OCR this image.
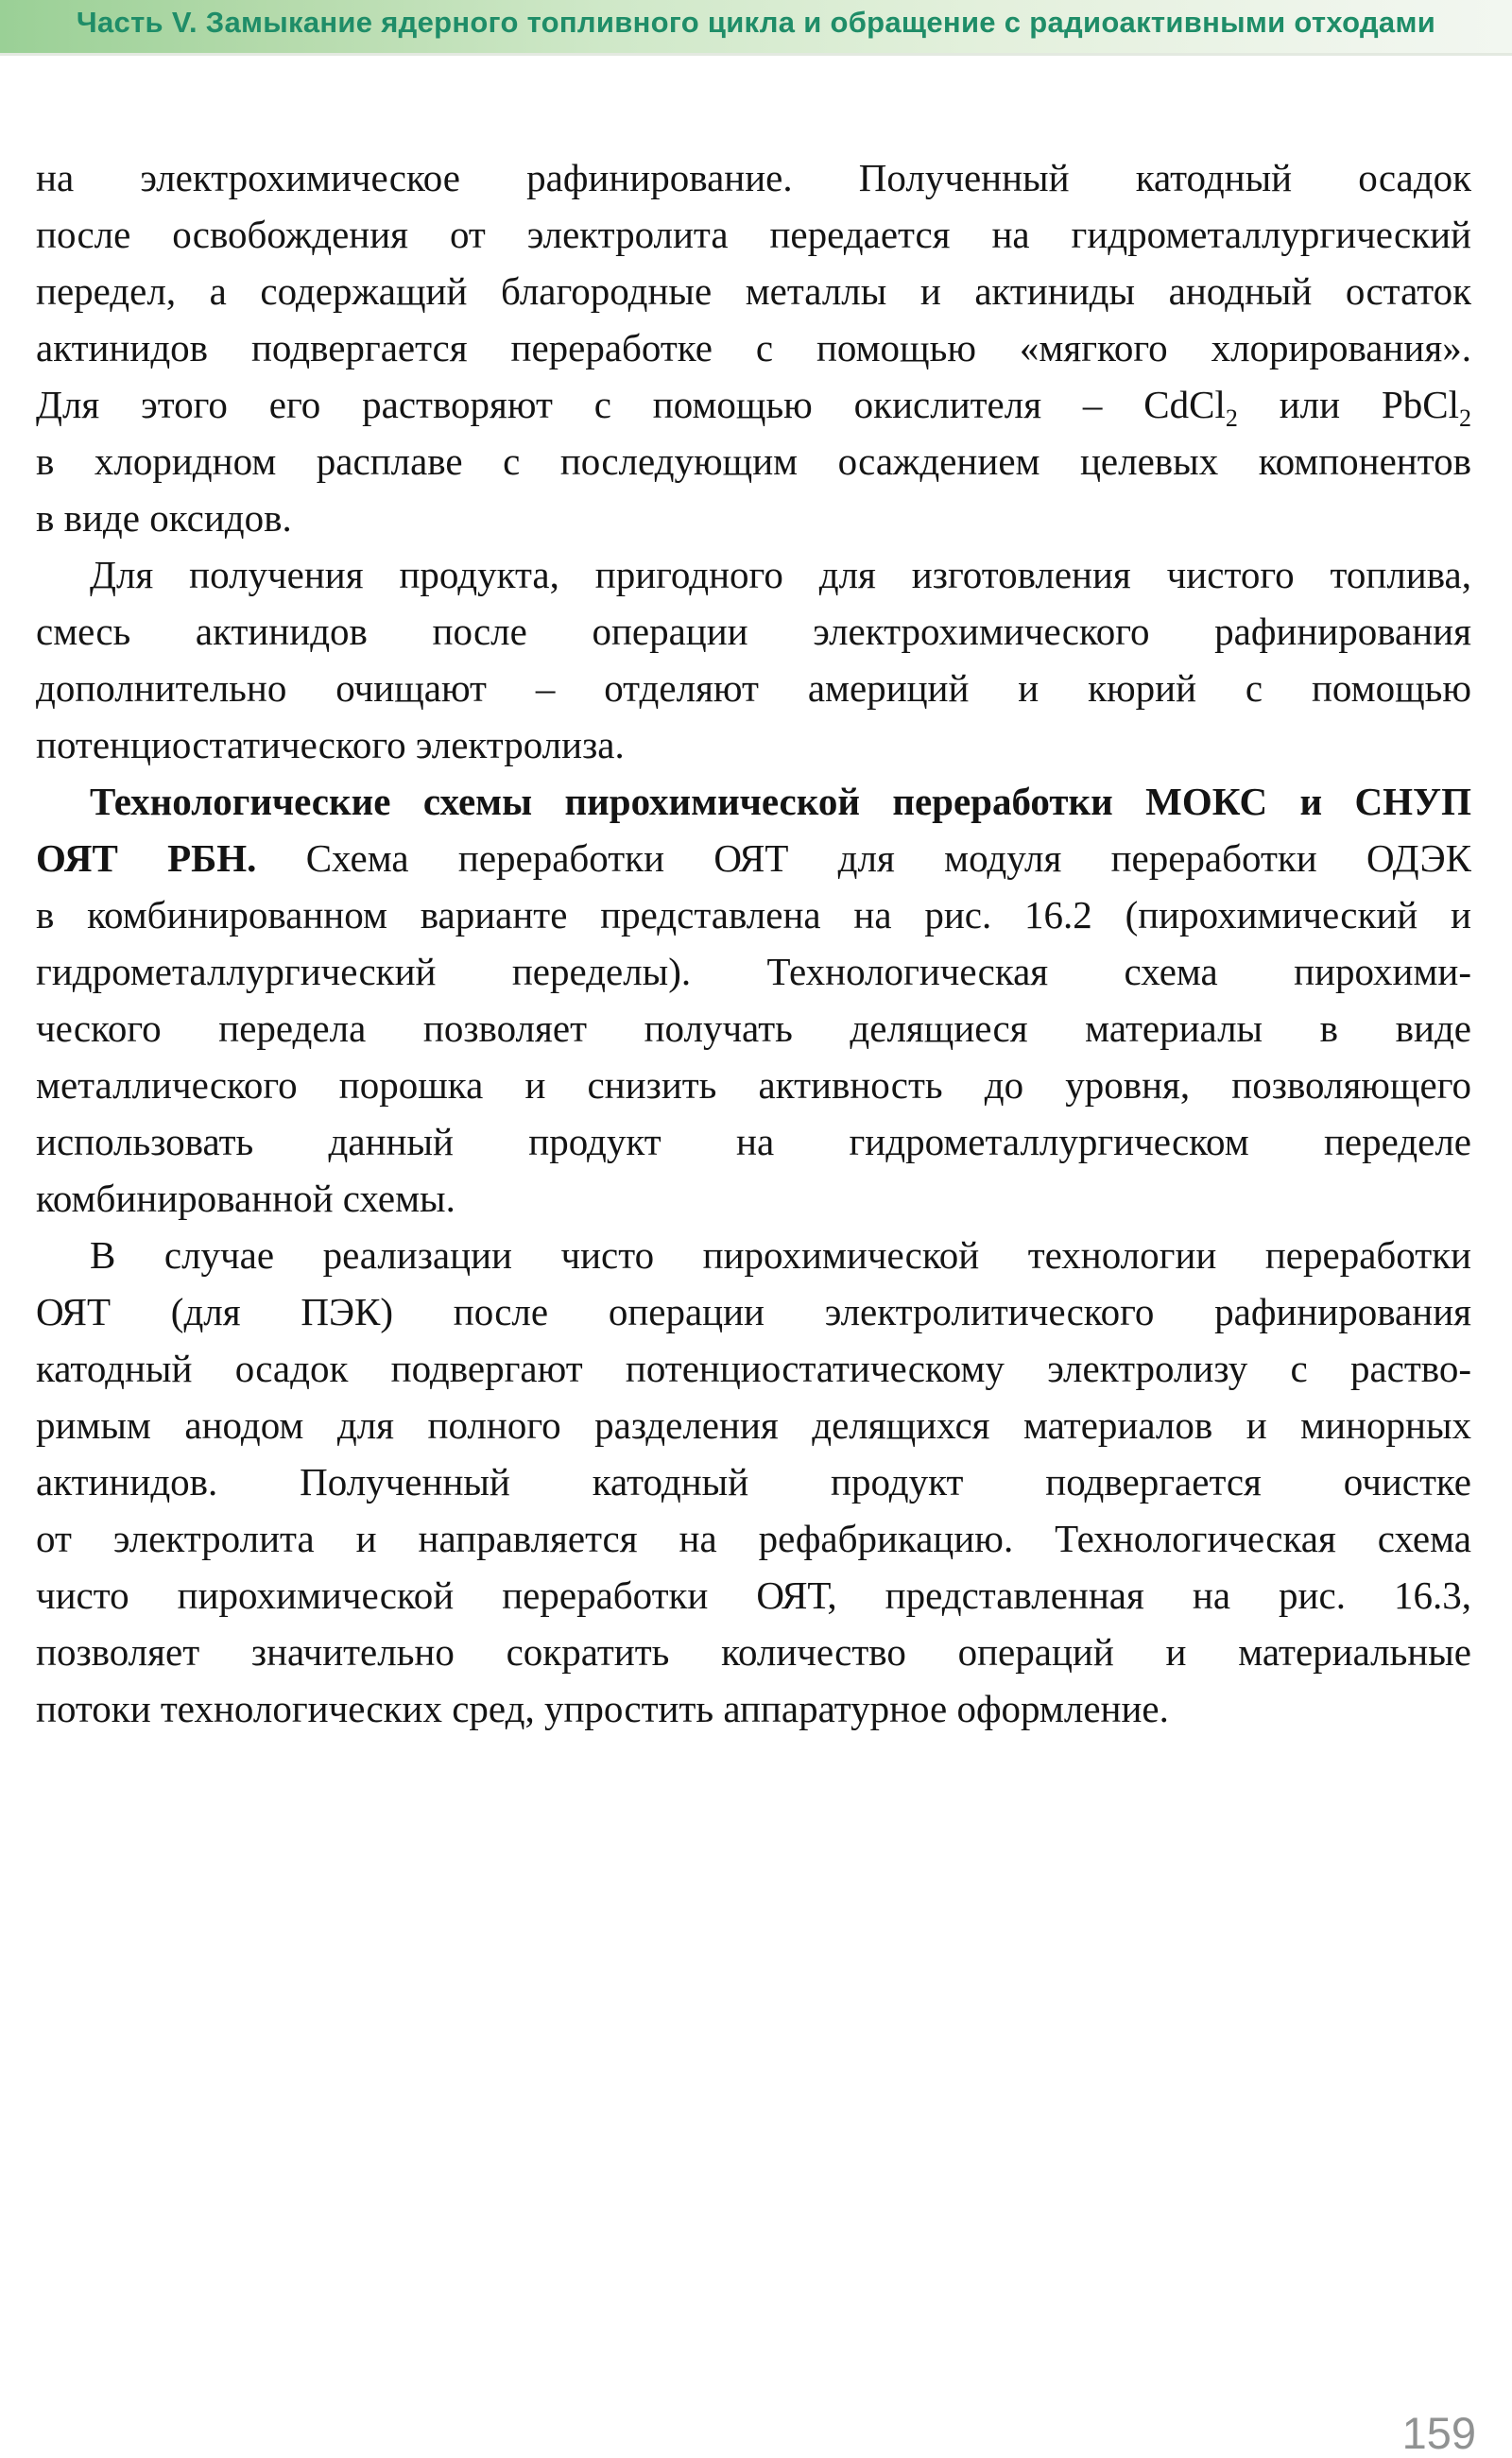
Часть V. Замыкание ядерного топливного цикла и обращение с радиоактивными отходами
на электрохимическое рафинирование. Полученный катодный осадок
после освобождения от электролита передается на гидрометаллургический
передел, а содержащий благородные металлы и актиниды анодный остаток
актинидов подвергается переработке с помощью «мягкого хлорирования».
Для этого его растворяют с помощью окислителя – CdCl$_2$ или PbCl$_2$
в хлоридном расплаве с последующим осаждением целевых компонентов
в виде оксидов.
Для получения продукта, пригодного для изготовления чистого топлива,
смесь актинидов после операции электрохимического рафинирования
дополнительно очищают – отделяют америций и кюрий с помощью
потенциостатического электролиза.
Технологические схемы пирохимической переработки МОКС и СНУП
ОЯТ РБН. Схема переработки ОЯТ для модуля переработки ОДЭК
в комбинированном варианте представлена на рис. 16.2 (пирохимический и
гидрометаллургический переделы). Технологическая схема пирохими-
ческого передела позволяет получать делящиеся материалы в виде
металлического порошка и снизить активность до уровня, позволяющего
использовать данный продукт на гидрометаллургическом переделе
комбинированной схемы.
В случае реализации чисто пирохимической технологии переработки
ОЯТ (для ПЭК) после операции электролитического рафинирования
катодный осадок подвергают потенциостатическому электролизу с раство-
римым анодом для полного разделения делящихся материалов и минорных
актинидов. Полученный катодный продукт подвергается очистке
от электролита и направляется на рефабрикацию. Технологическая схема
чисто пирохимической переработки ОЯТ, представленная на рис. 16.3,
позволяет значительно сократить количество операций и материальные
потоки технологических сред, упростить аппаратурное оформление.
159
